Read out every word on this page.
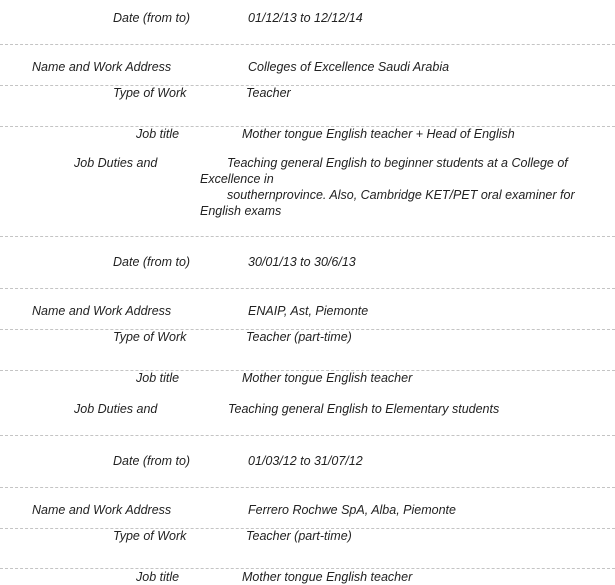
Date (from to)	01/12/13 to 12/12/14
Name and Work Address	Colleges of Excellence Saudi Arabia
Type of Work	Teacher
Job title	Mother tongue English teacher + Head of English
Job Duties and	Teaching general English to beginner students at a College of
Excellence in
southernprovince. Also, Cambridge KET/PET oral examiner for
English exams
Date (from to)	30/01/13 to 30/6/13
Name and Work Address	ENAIP, Ast, Piemonte
Type of Work	Teacher (part-time)
Job title	Mother tongue English teacher
Job Duties and	Teaching general English to Elementary students
Date (from to)	01/03/12 to 31/07/12
Name and Work Address	Ferrero Rochwe SpA, Alba, Piemonte
Type of Work	Teacher (part-time)
Job title	Mother tongue English teacher
